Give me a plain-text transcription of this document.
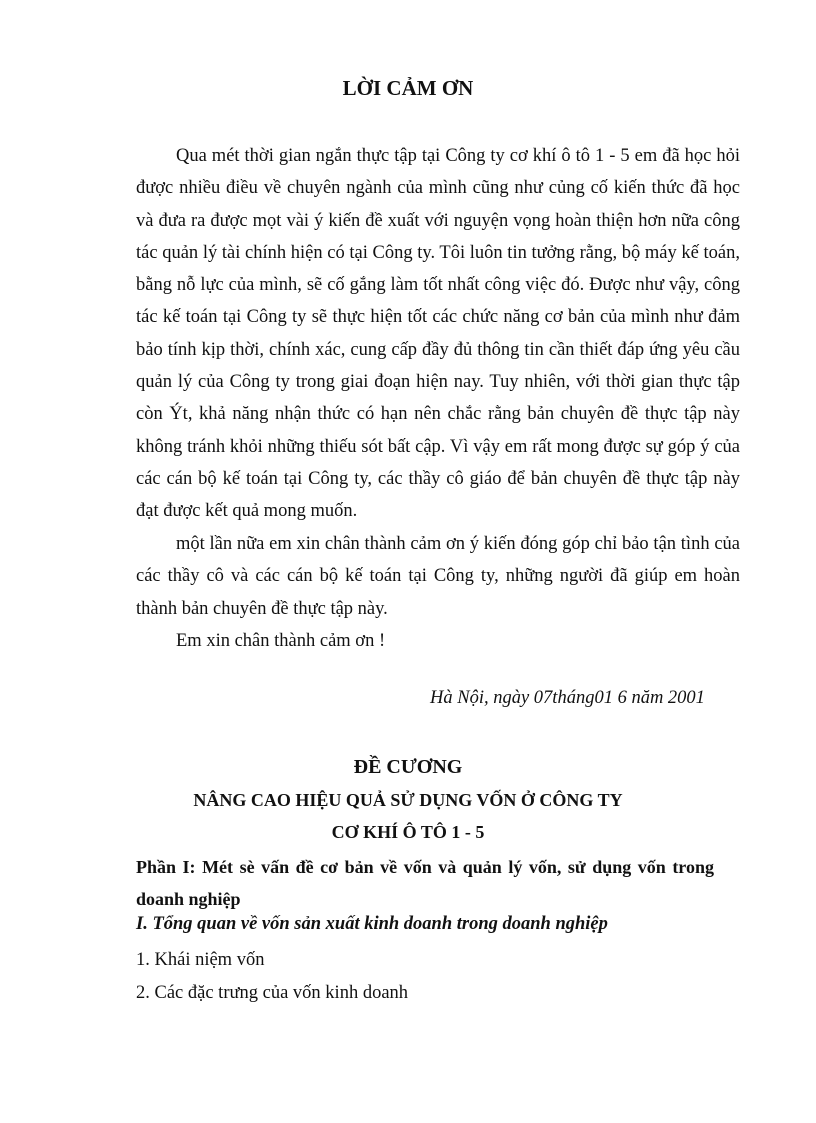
LỜI CẢM ƠN

Qua mét thời gian ngắn thực tập tại Công ty cơ khí ô tô 1 - 5 em đã học hỏi được nhiều điều về chuyên ngành của mình cũng như củng cố kiến thức đã học và đưa ra được mọt vài ý kiến đề xuất với nguyện vọng hoàn thiện hơn nữa công tác quản lý tài chính hiện có tại Công ty. Tôi luôn tin tưởng rằng, bộ máy kế toán, bằng nỗ lực của mình, sẽ cố gắng làm tốt nhất công việc đó. Được như vậy, công tác kế toán tại Công ty sẽ thực hiện tốt các chức năng cơ bản của mình như đảm bảo tính kịp thời, chính xác, cung cấp đầy đủ thông tin cần thiết đáp ứng yêu cầu quản lý của Công ty trong giai đoạn hiện nay. Tuy nhiên, với thời gian thực tập còn Ýt, khả năng nhận thức có hạn nên chắc rằng bản chuyên đề thực tập này không tránh khỏi những thiếu sót bất cập. Vì vậy em rất mong được sự góp ý của các cán bộ kế toán tại Công ty, các thầy cô giáo để bản chuyên đề thực tập này đạt được kết quả mong muốn.

một lần nữa em xin chân thành cảm ơn ý kiến đóng góp chỉ bảo tận tình của các thầy cô và các cán bộ kế toán tại Công ty, những người đã giúp em hoàn thành bản chuyên đề thực tập này.

Em xin chân thành cảm ơn !

Hà Nội, ngày 07tháng01 6 năm 2001

ĐỀ CƯƠNG
NÂNG CAO HIỆU QUẢ SỬ DỤNG VỐN Ở CÔNG TY
CƠ KHÍ Ô TÔ 1 - 5

Phần I: Mét sè vấn đề cơ bản về vốn và quản lý vốn, sử dụng vốn trong doanh nghiệp

I. Tổng quan về vốn sản xuất kinh doanh trong doanh nghiệp

1. Khái niệm vốn

2. Các đặc trưng của vốn kinh doanh
